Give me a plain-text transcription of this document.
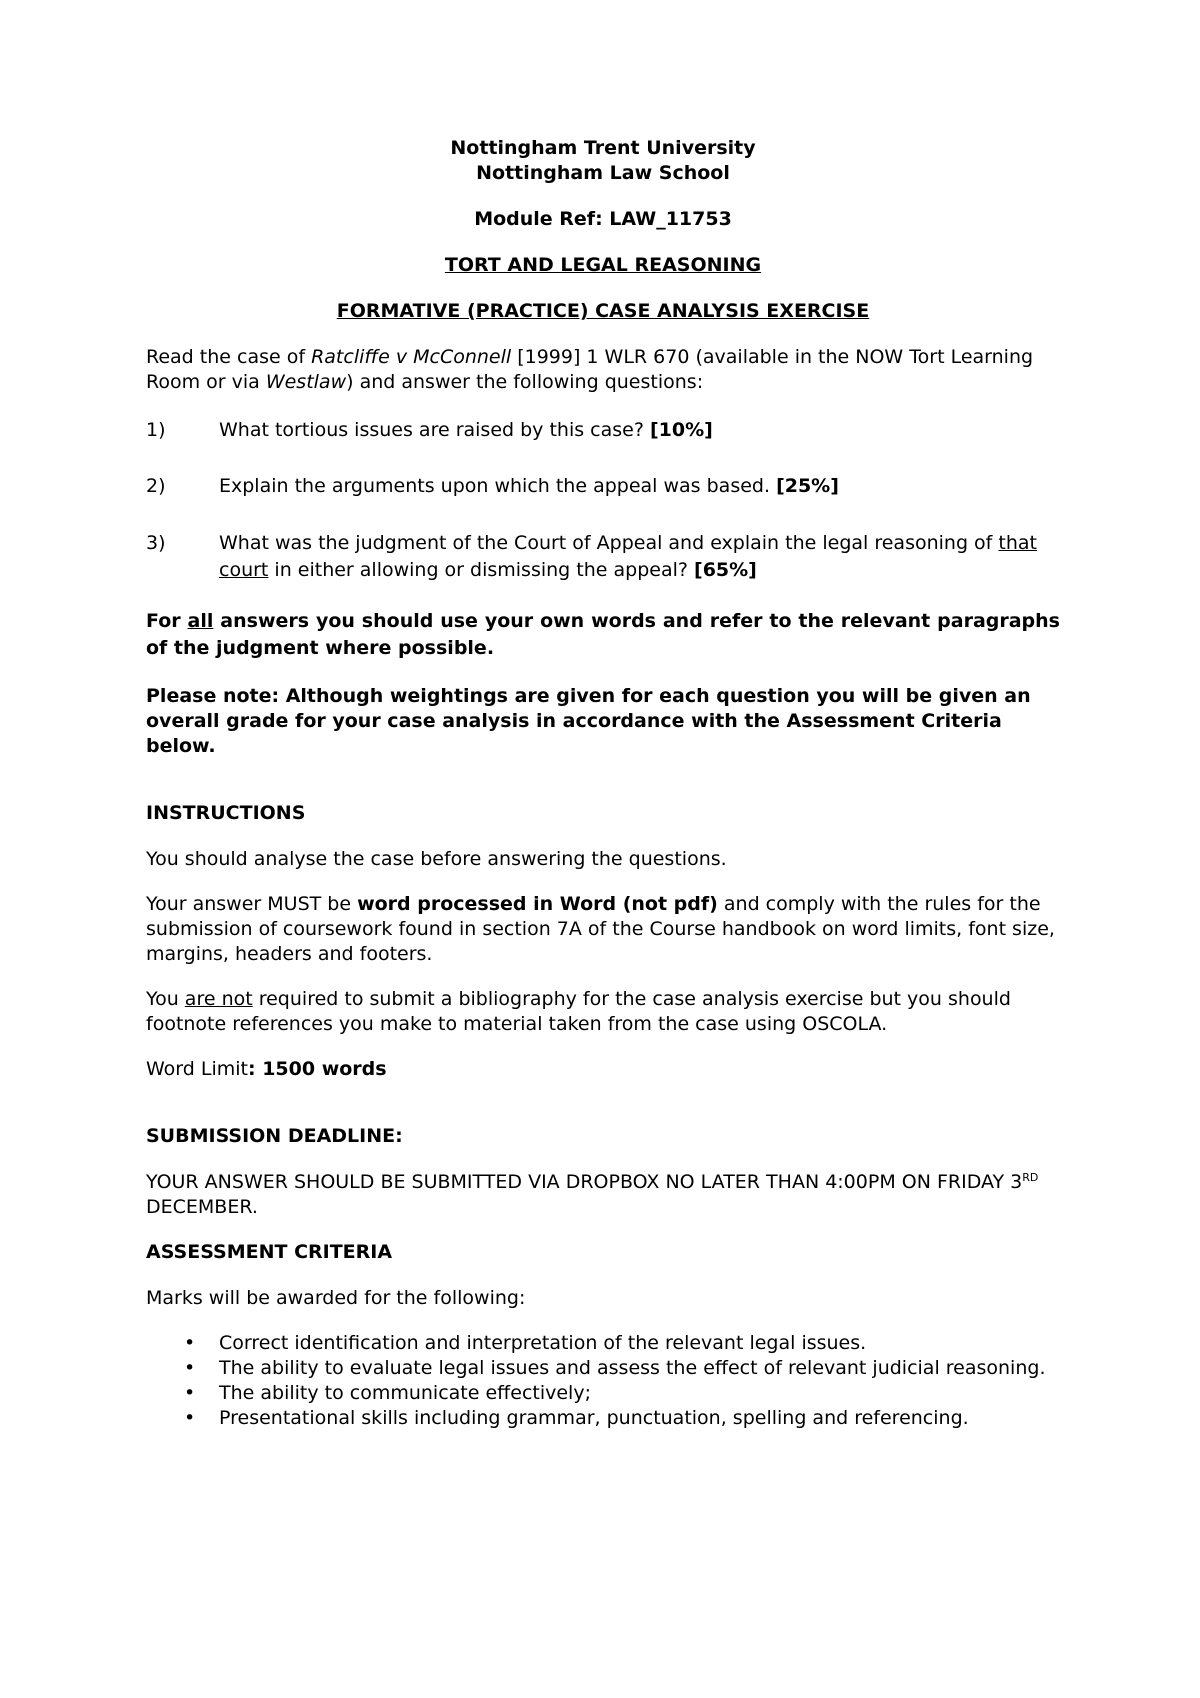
Nottingham Trent University

Nottingham Law School

Module Ref: LAW_11753

TORT AND LEGAL REASONING

FORMATIVE (PRACTICE) CASE ANALYSIS EXERCISE

Read the case of Ratcliffe v McConnell [1999] 1 WLR 670 (available in the NOW Tort Learning Room or via Westlaw) and answer the following questions:

1)	What tortious issues are raised by this case? [10%]

2)	Explain the arguments upon which the appeal was based. [25%]

3)	What was the judgment of the Court of Appeal and explain the legal reasoning of that court in either allowing or dismissing the appeal? [65%]

For all answers you should use your own words and refer to the relevant paragraphs of the judgment where possible.

Please note: Although weightings are given for each question you will be given an overall grade for your case analysis in accordance with the Assessment Criteria below.

INSTRUCTIONS

You should analyse the case before answering the questions.

Your answer MUST be word processed in Word (not pdf) and comply with the rules for the submission of coursework found in section 7A of the Course handbook on word limits, font size, margins, headers and footers.

You are not required to submit a bibliography for the case analysis exercise but you should footnote references you make to material taken from the case using OSCOLA.

Word Limit: 1500 words

SUBMISSION DEADLINE:

YOUR ANSWER SHOULD BE SUBMITTED VIA DROPBOX NO LATER THAN 4:00PM ON FRIDAY 3RD DECEMBER.

ASSESSMENT CRITERIA

Marks will be awarded for the following:

• Correct identification and interpretation of the relevant legal issues.
• The ability to evaluate legal issues and assess the effect of relevant judicial reasoning.
• The ability to communicate effectively;
• Presentational skills including grammar, punctuation, spelling and referencing.
